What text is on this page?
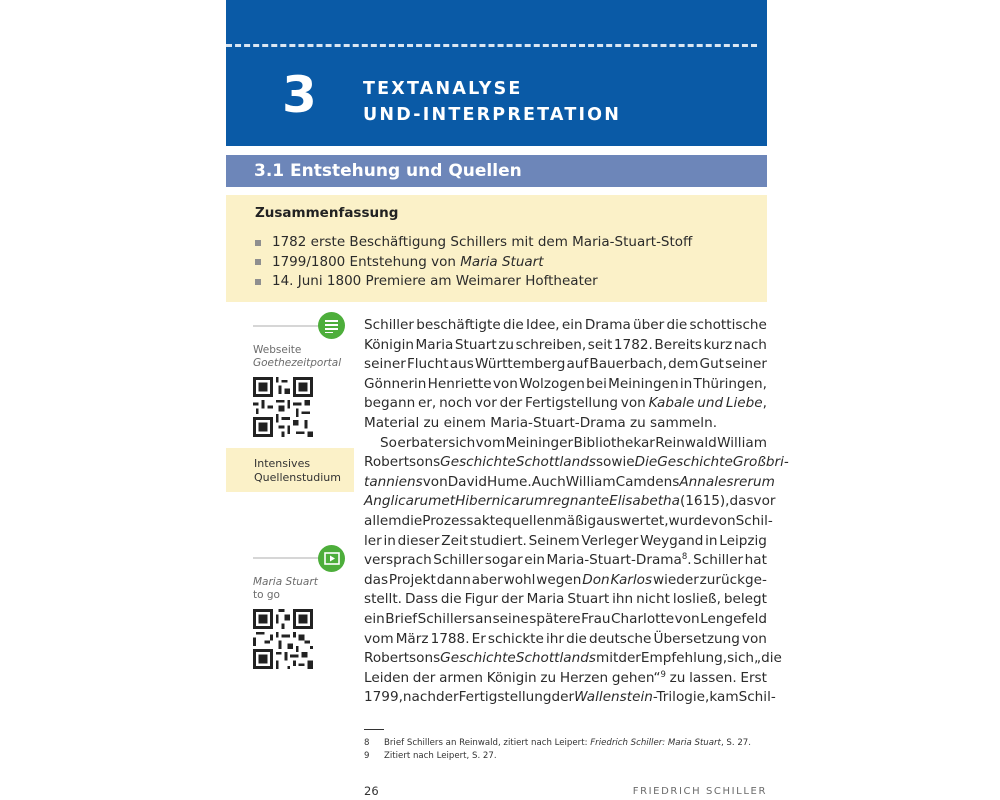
3	TEXTANALYSE
UND-INTERPRETATION
3.1 Entstehung und Quellen
Zusammenfassung
1782 erste Beschäftigung Schillers mit dem Maria-Stuart-Stoff
1799/1800 Entstehung von Maria Stuart
14. Juni 1800 Premiere am Weimarer Hoftheater
Webseite
Goethezeitportal
Intensives
Quellenstudium
Maria Stuart
to go
Schiller beschäftigte die Idee, ein Drama über die schottische
Königin Maria Stuart zu schreiben, seit 1782. Bereits kurz nach
seiner Flucht aus Württemberg auf Bauerbach, dem Gut seiner
Gönnerin Henriette von Wolzogen bei Meiningen in Thüringen,
begann er, noch vor der Fertigstellung von Kabale und Liebe,
Material zu einem Maria-Stuart-Drama zu sammeln.
So erbat er sich vom Meininger Bibliothekar Reinwald William
Robertsons Geschichte Schottlands sowie Die Geschichte Großbri-
tanniens von David Hume. Auch William Camdens Annales rerum
Anglicarum et Hibernicarum regnante Elisabetha (1615), das vor
allem die Prozessakte quellenmäßig auswertet, wurde von Schil-
ler in dieser Zeit studiert. Seinem Verleger Weygand in Leipzig
versprach Schiller sogar ein Maria-Stuart-Drama$^8$. Schiller hat
das Projekt dann aber wohl wegen Don Karlos wieder zurückge-
stellt. Dass die Figur der Maria Stuart ihn nicht losließ, belegt
ein Brief Schillers an seine spätere Frau Charlotte von Lengefeld
vom März 1788. Er schickte ihr die deutsche Übersetzung von
Robertsons Geschichte Schottlands mit der Empfehlung, sich „die
Leiden der armen Königin zu Herzen gehen“$^9$ zu lassen. Erst
1799, nach der Fertigstellung der Wallenstein-Trilogie, kam Schil-
8 Brief Schillers an Reinwald, zitiert nach Leipert: Friedrich Schiller: Maria Stuart, S. 27.
9 Zitiert nach Leipert, S. 27.
26	FRIEDRICH SCHILLER
